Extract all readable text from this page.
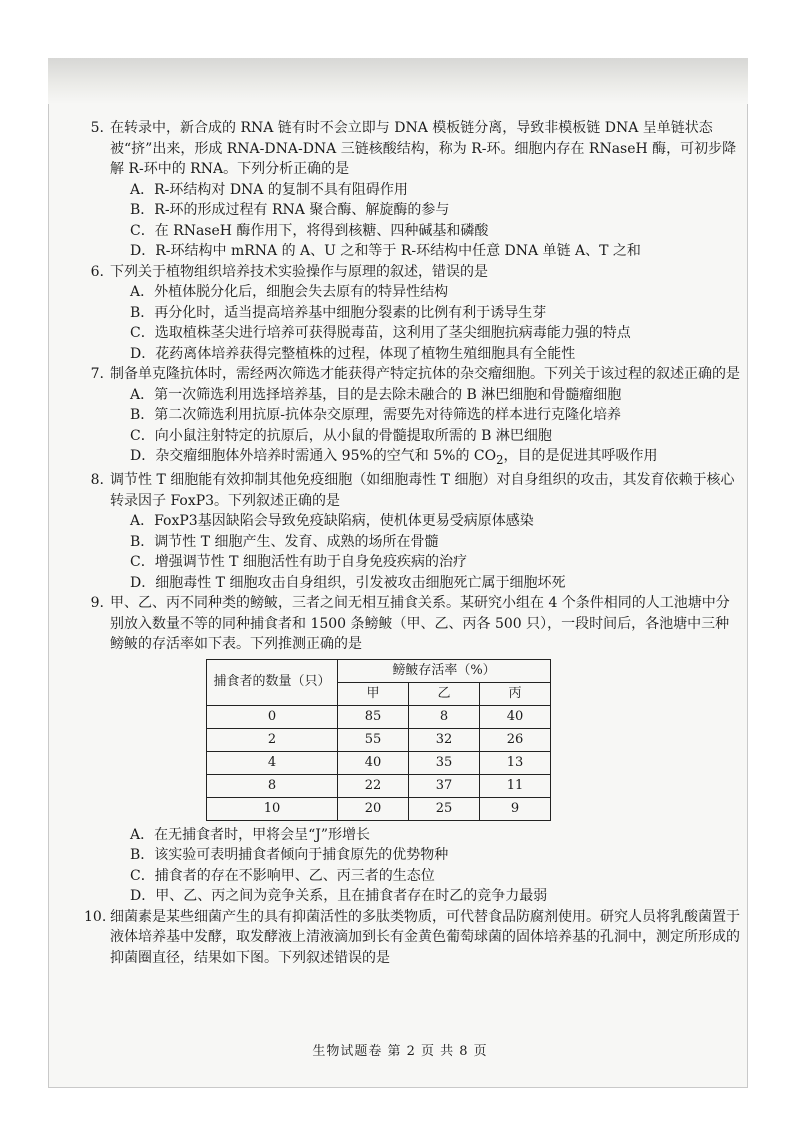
5. 在转录中，新合成的 RNA 链有时不会立即与 DNA 模板链分离，导致非模板链 DNA 呈单链状态被“挤”出来，形成 RNA-DNA-DNA 三链核酸结构，称为 R-环。细胞内存在 RNaseH 酶，可初步降解 R-环中的 RNA。下列分析正确的是
A．R-环结构对 DNA 的复制不具有阻碍作用
B．R-环的形成过程有 RNA 聚合酶、解旋酶的参与
C．在 RNaseH 酶作用下，将得到核糖、四种碱基和磷酸
D．R-环结构中 mRNA 的 A、U 之和等于 R-环结构中任意 DNA 单链 A、T 之和
6. 下列关于植物组织培养技术实验操作与原理的叙述，错误的是
A．外植体脱分化后，细胞会失去原有的特异性结构
B．再分化时，适当提高培养基中细胞分裂素的比例有利于诱导生芽
C．选取植株茎尖进行培养可获得脱毒苗，这利用了茎尖细胞抗病毒能力强的特点
D．花药离体培养获得完整植株的过程，体现了植物生殖细胞具有全能性
7. 制备单克隆抗体时，需经两次筛选才能获得产特定抗体的杂交瘤细胞。下列关于该过程的叙述正确的是
A．第一次筛选利用选择培养基，目的是去除未融合的 B 淋巴细胞和骨髓瘤细胞
B．第二次筛选利用抗原-抗体杂交原理，需要先对待筛选的样本进行克隆化培养
C．向小鼠注射特定的抗原后，从小鼠的骨髓提取所需的 B 淋巴细胞
D．杂交瘤细胞体外培养时需通入 95%的空气和 5%的 $CO_2$，目的是促进其呼吸作用
8. 调节性 T 细胞能有效抑制其他免疫细胞（如细胞毒性 T 细胞）对自身组织的攻击，其发育依赖于核心转录因子 FoxP3。下列叙述正确的是
A．FoxP3基因缺陷会导致免疫缺陷病，使机体更易受病原体感染
B．调节性 T 细胞产生、发育、成熟的场所在骨髓
C．增强调节性 T 细胞活性有助于自身免疫疾病的治疗
D．细胞毒性 T 细胞攻击自身组织，引发被攻击细胞死亡属于细胞坏死
9. 甲、乙、丙不同种类的鳑鲏，三者之间无相互捕食关系。某研究小组在 4 个条件相同的人工池塘中分别放入数量不等的同种捕食者和 1500 条鳑鲏（甲、乙、丙各 500 只），一段时间后，各池塘中三种鳑鲏的存活率如下表。下列推测正确的是
捕食者的数量（只）	鳑鲏存活率（%）		
	甲	乙	丙
0	85	8	40
2	55	32	26
4	40	35	13
8	22	37	11
10	20	25	9
A．在无捕食者时，甲将会呈“J”形增长
B．该实验可表明捕食者倾向于捕食原先的优势物种
C．捕食者的存在不影响甲、乙、丙三者的生态位
D．甲、乙、丙之间为竞争关系，且在捕食者存在时乙的竞争力最弱
10. 细菌素是某些细菌产生的具有抑菌活性的多肽类物质，可代替食品防腐剂使用。研究人员将乳酸菌置于液体培养基中发酵，取发酵液上清液滴加到长有金黄色葡萄球菌的固体培养基的孔洞中，测定所形成的抑菌圈直径，结果如下图。下列叙述错误的是
生物试题卷 第 2 页 共 8 页
